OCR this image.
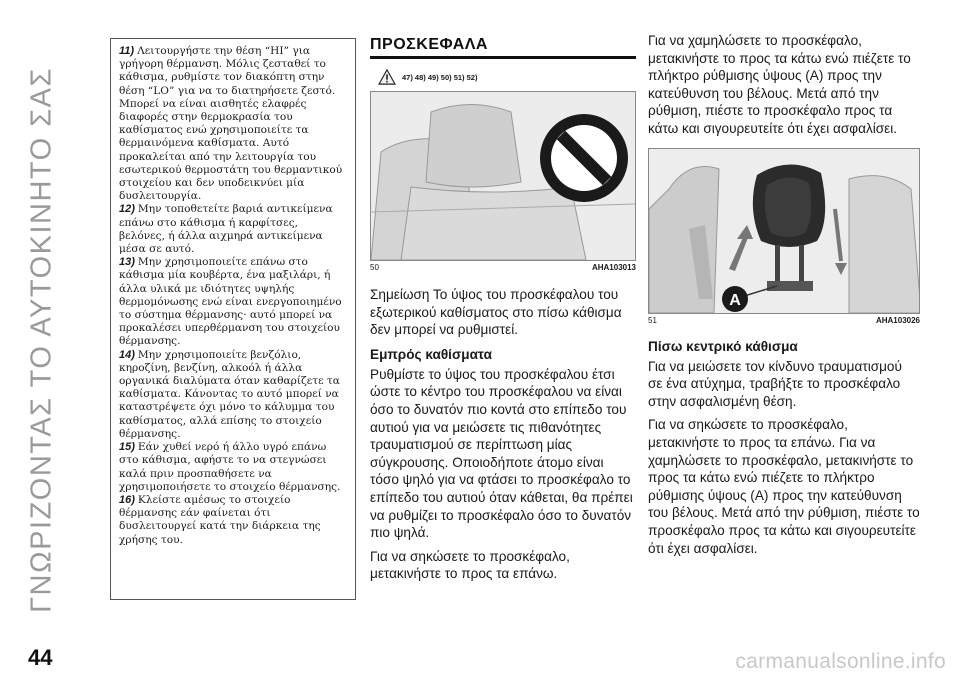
ΓΝΩΡΙΖΟΝΤΑΣ ΤΟ ΑΥΤΟΚΙΝΗΤΟ ΣΑΣ

11) Λειτουργήστε την θέση “HI” για γρήγορη θέρμανση. Μόλις ζεσταθεί το κάθισμα, ρυθμίστε τον διακόπτη στην θέση “LO” για να το διατηρήσετε ζεστό. Μπορεί να είναι αισθητές ελαφρές διαφορές στην θερμοκρασία του καθίσματος ενώ χρησιμοποιείτε τα θερμαινόμενα καθίσματα. Αυτό προκαλείται από την λειτουργία του εσωτερικού θερμοστάτη του θερμαντικού στοιχείου και δεν υποδεικνύει μία δυσλειτουργία.

12) Μην τοποθετείτε βαριά αντικείμενα επάνω στο κάθισμα ή καρφίτσες, βελόνες, ή άλλα αιχμηρά αντικείμενα μέσα σε αυτό.

13) Μην χρησιμοποιείτε επάνω στο κάθισμα μία κουβέρτα, ένα μαξιλάρι, ή άλλα υλικά με ιδιότητες υψηλής θερμομόνωσης ενώ είναι ενεργοποιημένο το σύστημα θέρμανσης· αυτό μπορεί να προκαλέσει υπερθέρμανση του στοιχείου θέρμανσης.

14) Μην χρησιμοποιείτε βενζόλιο, κηροζίνη, βενζίνη, αλκοόλ ή άλλα οργανικά διαλύματα όταν καθαρίζετε τα καθίσματα. Κάνοντας το αυτό μπορεί να καταστρέψετε όχι μόνο το κάλυμμα του καθίσματος, αλλά επίσης το στοιχείο θέρμανσης.

15) Εάν χυθεί νερό ή άλλο υγρό επάνω στο κάθισμα, αφήστε το να στεγνώσει καλά πριν προσπαθήσετε να χρησιμοποιήσετε το στοιχείο θέρμανσης.

16) Κλείστε αμέσως το στοιχείο θέρμανσης εάν φαίνεται ότι δυσλειτουργεί κατά την διάρκεια της χρήσης του.

ΠΡΟΣΚΕΦΑΛΑ
47) 48) 49) 50) 51) 52)
50	AHA103013

Σημείωση Το ύψος του προσκέφαλου του εξωτερικού καθίσματος στο πίσω κάθισμα δεν μπορεί να ρυθμιστεί.

Εμπρός καθίσματα

Ρυθμίστε το ύψος του προσκέφαλου έτσι ώστε το κέντρο του προσκέφαλου να είναι όσο το δυνατόν πιο κοντά στο επίπεδο του αυτιού για να μειώσετε τις πιθανότητες τραυματισμού σε περίπτωση μίας σύγκρουσης. Οποιοδήποτε άτομο είναι τόσο ψηλό για να φτάσει το προσκέφαλο το επίπεδο του αυτιού όταν κάθεται, θα πρέπει να ρυθμίζει το προσκέφαλο όσο το δυνατόν πιο ψηλά.

Για να σηκώσετε το προσκέφαλο, μετακινήστε το προς τα επάνω.

Για να χαμηλώσετε το προσκέφαλο, μετακινήστε το προς τα κάτω ενώ πιέζετε το πλήκτρο ρύθμισης ύψους (A) προς την κατεύθυνση του βέλους. Μετά από την ρύθμιση, πιέστε το προσκέφαλο προς τα κάτω και σιγουρευτείτε ότι έχει ασφαλίσει.

A
51	AHA103026
Πίσω κεντρικό κάθισμα

Για να μειώσετε τον κίνδυνο τραυματισμού σε ένα ατύχημα, τραβήξτε το προσκέφαλο στην ασφαλισμένη θέση.

Για να σηκώσετε το προσκέφαλο, μετακινήστε το προς τα επάνω. Για να χαμηλώσετε το προσκέφαλο, μετακινήστε το προς τα κάτω ενώ πιέζετε το πλήκτρο ρύθμισης ύψους (A) προς την κατεύθυνση του βέλους. Μετά από την ρύθμιση, πιέστε το προσκέφαλο προς τα κάτω και σιγουρευτείτε ότι έχει ασφαλίσει.

44	carmanualsonline.info
